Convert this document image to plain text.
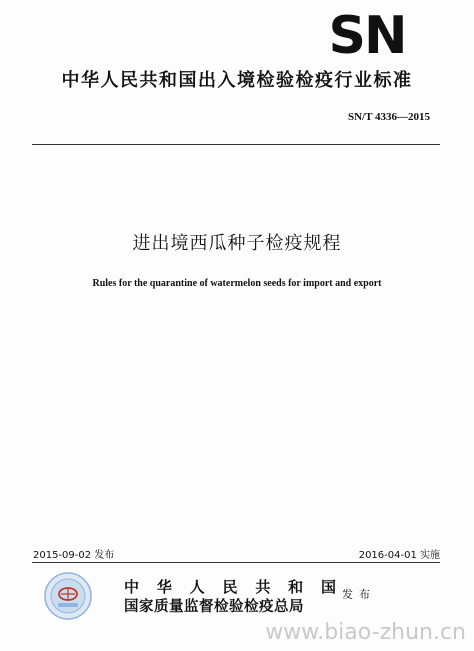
SN
中华人民共和国出入境检验检疫行业标准
SN/T 4336—2015
进出境西瓜种子检疫规程
Rules for the quarantine of watermelon seeds for import and export
2015-09-02 发布	2016-04-01 实施
中 华 人 民 共 和 国
国家质量监督检验检疫总局
发布
www.biao-zhun.cn
